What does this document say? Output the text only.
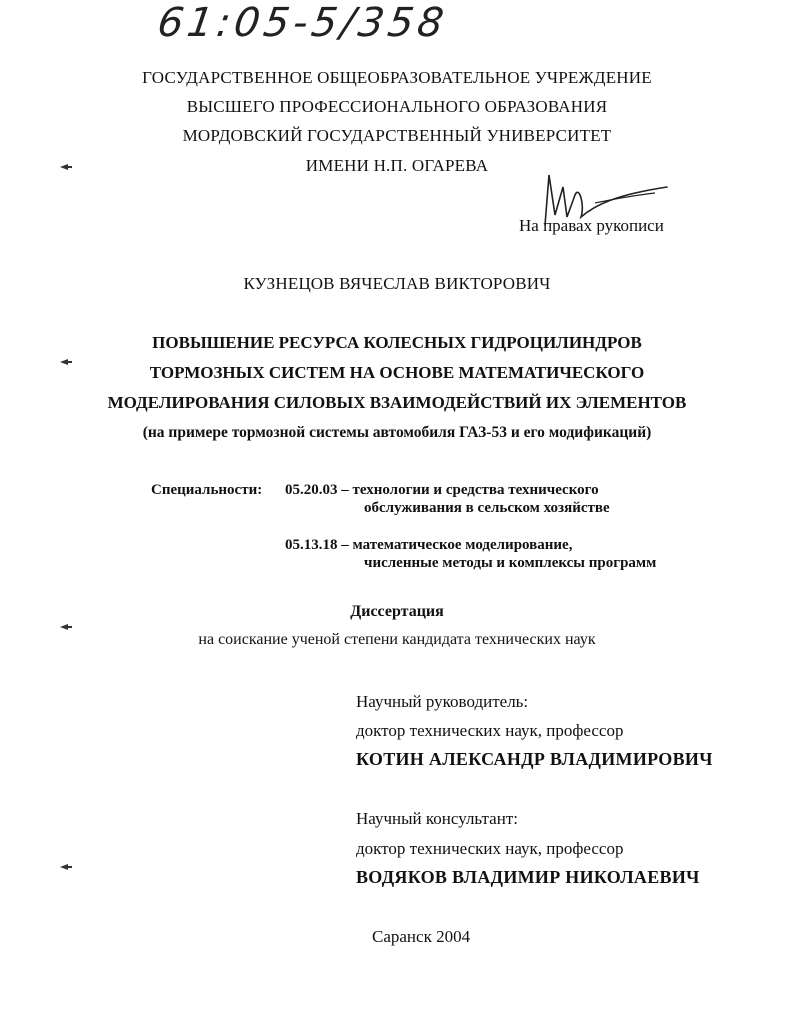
61:05-5/358
ГОСУДАРСТВЕННОЕ ОБЩЕОБРАЗОВАТЕЛЬНОЕ УЧРЕЖДЕНИЕ
ВЫСШЕГО ПРОФЕССИОНАЛЬНОГО ОБРАЗОВАНИЯ
МОРДОВСКИЙ ГОСУДАРСТВЕННЫЙ УНИВЕРСИТЕТ
ИМЕНИ Н.П. ОГАРЕВА
На правах рукописи
КУЗНЕЦОВ ВЯЧЕСЛАВ ВИКТОРОВИЧ
ПОВЫШЕНИЕ РЕСУРСА КОЛЕСНЫХ ГИДРОЦИЛИНДРОВ
ТОРМОЗНЫХ СИСТЕМ НА ОСНОВЕ МАТЕМАТИЧЕСКОГО
МОДЕЛИРОВАНИЯ СИЛОВЫХ ВЗАИМОДЕЙСТВИЙ ИХ ЭЛЕМЕНТОВ
(на примере тормозной системы автомобиля ГАЗ-53 и его модификаций)
Специальности: 05.20.03 – технологии и средства технического
обслуживания в сельском хозяйстве
05.13.18 – математическое моделирование,
численные методы и комплексы программ
Диссертация
на соискание ученой степени кандидата технических наук
Научный руководитель:
доктор технических наук, профессор
КОТИН АЛЕКСАНДР ВЛАДИМИРОВИЧ
Научный консультант:
доктор технических наук, профессор
ВОДЯКОВ ВЛАДИМИР НИКОЛАЕВИЧ
Саранск 2004
